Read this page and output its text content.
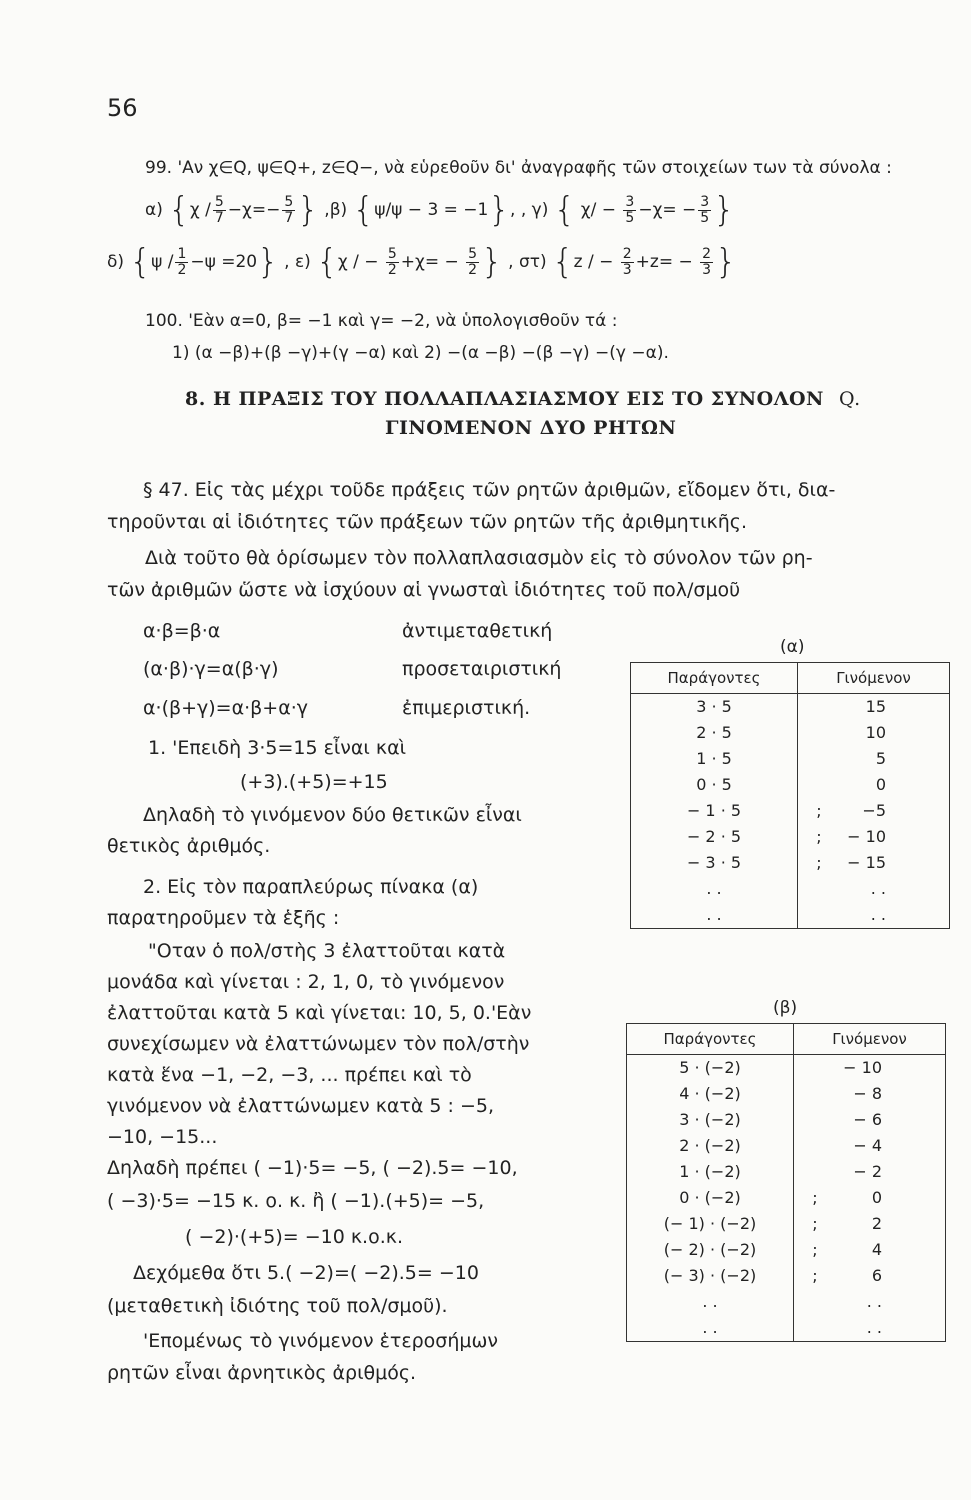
56
99. 'Αν χ∈Q, ψ∈Q+, z∈Q−, νὰ εὑρεθοῦν δι' ἀναγραφῆς τῶν στοιχείων των τὰ σύνολα :
α) {$\chi / \frac{5}{7} -\chi=- \frac{5}{7}$ } ,β) {ψ/ψ − 3 = −1}, , γ) { $\chi/ - \frac{3}{5} -\chi= - \frac{3}{5}$ }
δ) $\{\psi / \frac{1}{2} -\psi =20\}$ , ε) {χ / − $\frac{5}{2} +\chi= - \frac{5}{2}$ } , στ) {z / − $\frac{2}{3} +z= - \frac{2}{3}$ }
100. 'Εὰν α=0, β= −1 καὶ γ= −2, νὰ ὑπολογισθοῦν τά :
1) (α −β)+(β −γ)+(γ −α) καὶ 2) −(α −β) −(β −γ) −(γ −α).
8. Η ΠΡΑΞΙΣ ΤΟΥ ΠΟΛΛΑΠΛΑΣΙΑΣΜΟΥ ΕΙΣ ΤΟ ΣΥΝΟΛΟΝ Q.
ΓΙΝΟΜΕΝΟΝ ΔΥΟ ΡΗΤΩΝ
§ 47. Εἰς τὰς μέχρι τοῦδε πράξεις τῶν ρητῶν ἀριθμῶν, εἴδομεν ὅτι, δια-
τηροῦνται αἱ ἰδιότητες τῶν πράξεων τῶν ρητῶν τῆς ἀριθμητικῆς.
Διὰ τοῦτο θὰ ὁρίσωμεν τὸν πολλαπλασιασμὸν εἰς τὸ σύνολον τῶν ρη-
τῶν ἀριθμῶν ὥστε νὰ ἰσχύουν αἱ γνωσταὶ ἰδιότητες τοῦ πολ/σμοῦ
α·β=β·α	ἀντιμεταθετική
(α·β)·γ=α(β·γ)	προσεταιριστική
α·(β+γ)=α·β+α·γ	ἐπιμεριστική.
1. 'Επειδὴ 3·5=15 εἶναι καὶ
(+3).(+5)=+15
Δηλαδὴ τὸ γινόμενον δύο θετικῶν εἶναι
θετικὸς ἀριθμός.
2. Εἰς τὸν παραπλεύρως πίνακα (α)
παρατηροῦμεν τὰ ἑξῆς :
"Οταν ὁ πολ/στὴς 3 ἐλαττοῦται κατὰ
μονάδα καὶ γίνεται : 2, 1, 0, τὸ γινόμενον
ἐλαττοῦται κατὰ 5 καὶ γίνεται: 10, 5, 0.'Εὰν
συνεχίσωμεν νὰ ἐλαττώνωμεν τὸν πολ/στὴν
κατὰ ἕνα −1, −2, −3, ... πρέπει καὶ τὸ
γινόμενον νὰ ἐλαττώνωμεν κατὰ 5 : −5,
−10, −15...
Δηλαδὴ πρέπει ( −1)·5= −5, ( −2).5= −10,
( −3)·5= −15 κ. ο. κ. ἢ ( −1).(+5)= −5,
( −2)·(+5)= −10 κ.ο.κ.
Δεχόμεθα ὅτι 5.( −2)=( −2).5= −10
(μεταθετικὴ ἰδιότης τοῦ πολ/σμοῦ).
'Επομένως τὸ γινόμενον ἑτεροσήμων
ρητῶν εἶναι ἀρνητικὸς ἀριθμός.
(α)
Παράγοντες	Γινόμενον
3 · 5	15
2 · 5	10
1 · 5	5
0 · 5	0
− 1 · 5	; −5
− 2 · 5	; − 10
− 3 · 5	; − 15
. .	. .
. .	. .
(β)
Παράγοντες	Γινόμενον
5 · (−2)	− 10
4 · (−2)	− 8
3 · (−2)	− 6
2 · (−2)	− 4
1 · (−2)	− 2
0 · (−2)	; 0
(− 1) · (−2)	; 2
(− 2) · (−2)	; 4
(− 3) · (−2)	; 6
. .	. .
. .	. .
